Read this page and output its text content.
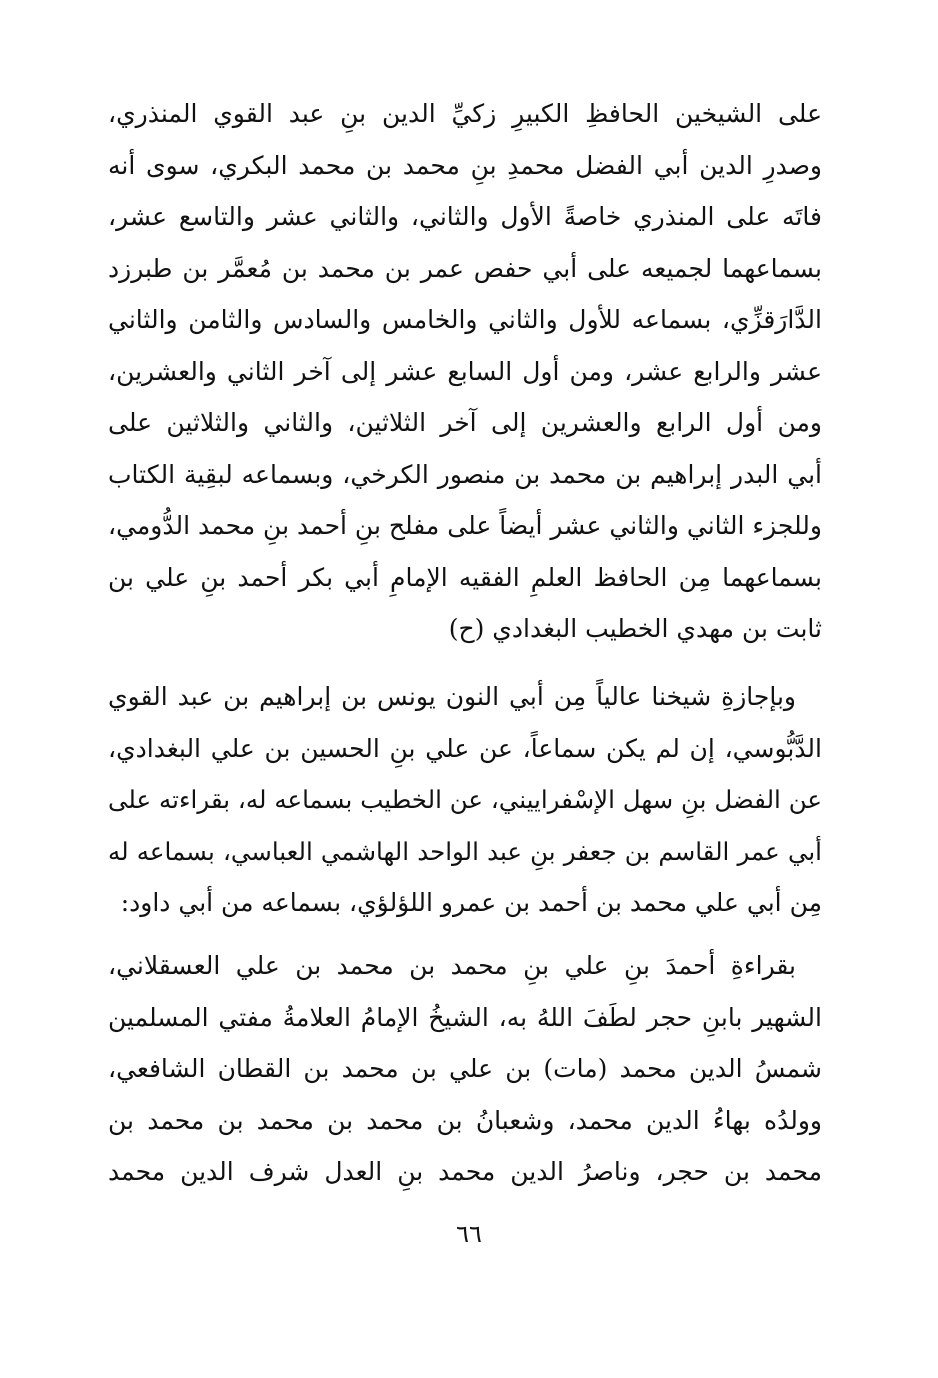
على الشيخين الحافظِ الكبيرِ زكيِّ الدين بنِ عبد القوي المنذري،
وصدرِ الدين أبي الفضل محمدِ بنِ محمد بن محمد البكري، سوى أنه
فاتَه على المنذري خاصةً الأول والثاني، والثاني عشر والتاسع عشر،
بسماعهما لجميعه على أبي حفص عمر بن محمد بن مُعمَّر بن طبرزد
الدَّارَقزِّي، بسماعه للأول والثاني والخامس والسادس والثامن والثاني
عشر والرابع عشر، ومن أول السابع عشر إلى آخر الثاني والعشرين،
ومن أول الرابع والعشرين إلى آخر الثلاثين، والثاني والثلاثين على
أبي البدر إبراهيم بن محمد بن منصور الكرخي، وبسماعه لبقِية الكتاب
وللجزء الثاني والثاني عشر أيضاً على مفلح بنِ أحمد بنِ محمد الدُّومي،
بسماعهما مِن الحافظ العلمِ الفقيه الإمامِ أبي بكر أحمد بنِ علي بن
ثابت بن مهدي الخطيب البغدادي (ح)
وبإجازةِ شيخنا عالياً مِن أبي النون يونس بن إبراهيم بن عبد القوي
الدَّبُّوسي، إن لم يكن سماعاً، عن علي بنِ الحسين بن علي البغدادي،
عن الفضل بنِ سهل الإسْفراييني، عن الخطيب بسماعه له، بقراءته على
أبي عمر القاسم بن جعفر بنِ عبد الواحد الهاشمي العباسي، بسماعه له
مِن أبي علي محمد بن أحمد بن عمرو اللؤلؤي، بسماعه من أبي داود:
بقراءةِ أحمدَ بنِ علي بنِ محمد بن محمد بن علي العسقلاني،
الشهير بابنِ حجر لطَفَ اللهُ به، الشيخُ الإمامُ العلامةُ مفتي المسلمين
شمسُ الدين محمد (مات) بن علي بن محمد بن القطان الشافعي،
وولدُه بهاءُ الدين محمد، وشعبانُ بن محمد بن محمد بن محمد بن
محمد بن حجر، وناصرُ الدين محمد بنِ العدل شرف الدين محمد
٦٦
